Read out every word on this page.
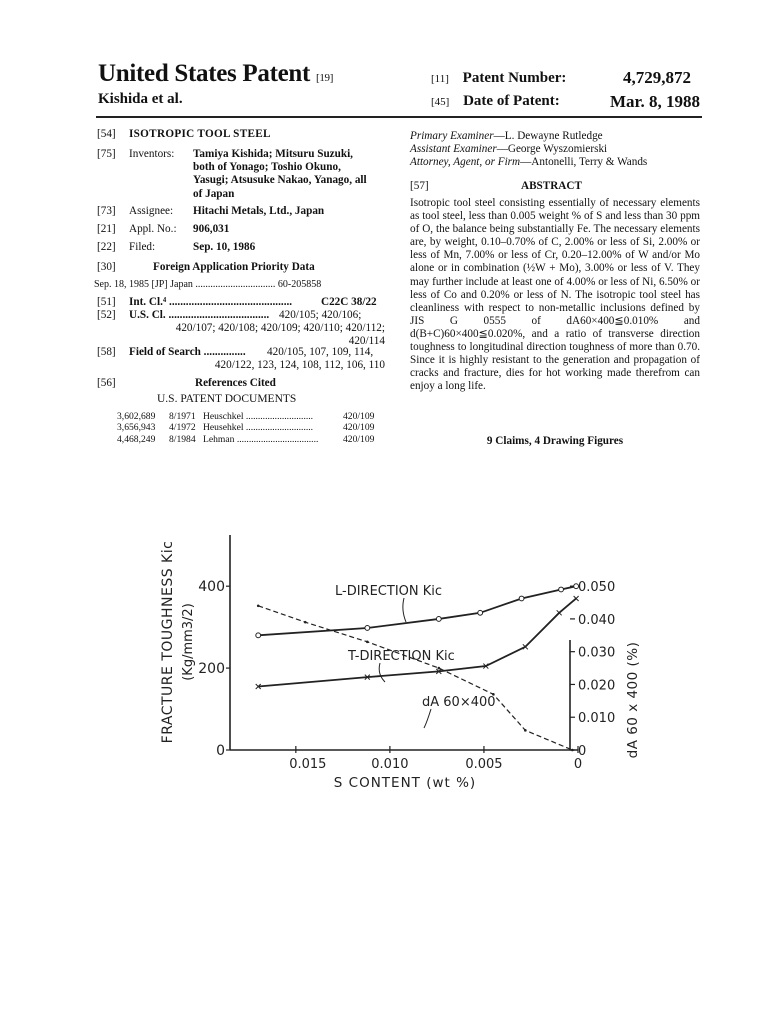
United States Patent [19]
Kishida et al.
[11] Patent Number:	4,729,872
[45] Date of Patent:	Mar. 8, 1988
[54]	ISOTROPIC TOOL STEEL
[75]	Inventors:	Tamiya Kishida; Mitsuru Suzuki,
both of Yonago; Toshio Okuno,
Yasugi; Atsusuke Nakao, Yanago, all
of Japan
[73]	Assignee:	Hitachi Metals, Ltd., Japan
[21]	Appl. No.:	906,031
[22]	Filed:	Sep. 10, 1986
[30]	Foreign Application Priority Data
Sep. 18, 1985 [JP] Japan ................................ 60-205858
[51]	Int. Cl.⁴ ............................................	C22C 38/22
[52]	U.S. Cl. .................................... 420/105; 420/106;
420/107; 420/108; 420/109; 420/110; 420/112;
420/114
[58]	Field of Search ...............	420/105, 107, 109, 114,
420/122, 123, 124, 108, 112, 106, 110
[56]	References Cited
U.S. PATENT DOCUMENTS
3,602,689	8/1971 Heuschkel ............................	420/109
3,656,943	4/1972 Heusehkel ............................	420/109
4,468,249	8/1984 Lehman ..................................	420/109
Primary Examiner—L. Dewayne Rutledge
Assistant Examiner—George Wyszomierski
Attorney, Agent, or Firm—Antonelli, Terry & Wands
[57]	ABSTRACT
Isotropic tool steel consisting essentially of necessary elements as tool steel, less than 0.005 weight % of S and less than 30 ppm of O, the balance being substantially Fe. The necessary elements are, by weight, 0.10–0.70% of C, 2.00% or less of Si, 2.00% or less of Mn, 7.00% or less of Cr, 0.20–12.00% of W and/or Mo alone or in combination (½W + Mo), 3.00% or less of V. They may further include at least one of 4.00% or less of Ni, 6.50% or less of Co and 0.20% or less of N. The isotropic tool steel has cleanliness with respect to non-metallic inclusions defined by JIS G 0555 of dA60×400≦0.010% and d(B+C)60×400≦0.020%, and a ratio of transverse direction toughness to longitudinal direction toughness of more than 0.70. Since it is highly resistant to the generation and propagation of cracks and fracture, dies for hot working made therefrom can enjoy a long life.
9 Claims, 4 Drawing Figures
0.015	0.010	0.005	0
0
200
400
0
0.010
0.020
0.030
0.040
0.050
S CONTENT (wt %)
FRACTURE TOUGHNESS Kic (Kg/mm3/2)	dA 60 x 400 (%)
L-DIRECTION Kic
T-DIRECTION Kic
dA 60×400
